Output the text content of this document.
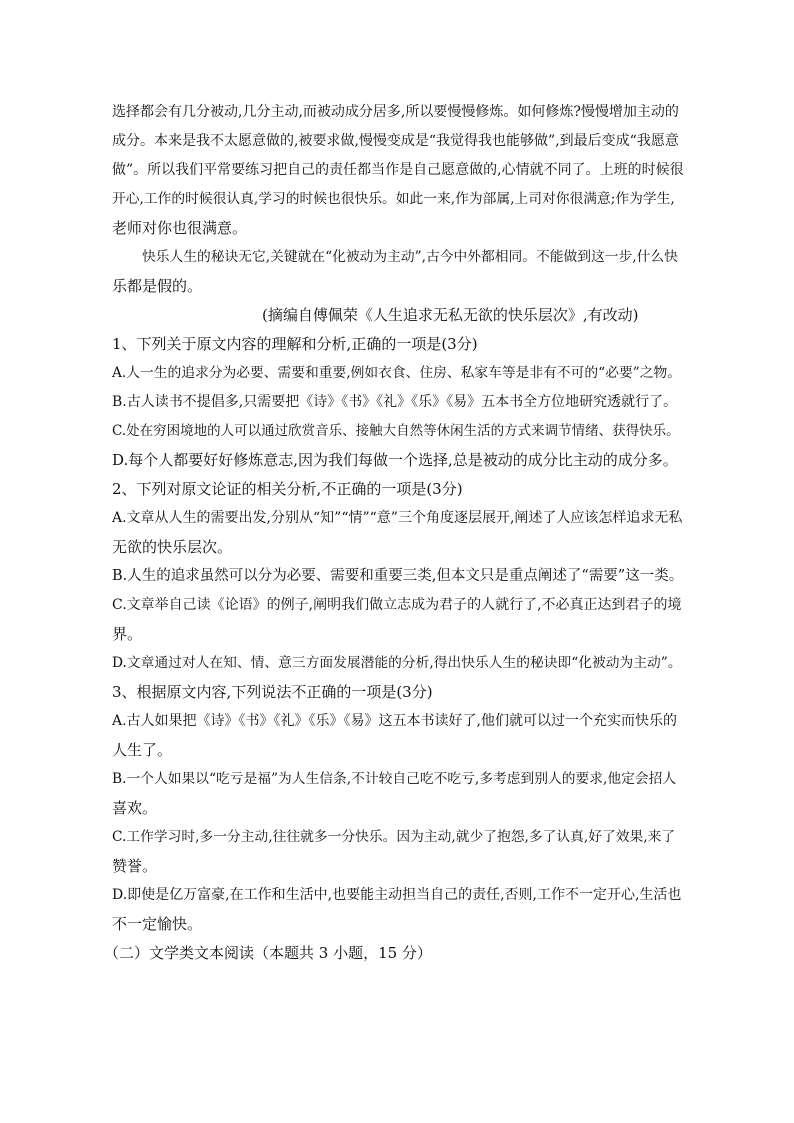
选择都会有几分被动,几分主动,而被动成分居多,所以要慢慢修炼。如何修炼?慢慢增加主动的
成分。本来是我不太愿意做的,被要求做,慢慢变成是“我觉得我也能够做”,到最后变成“我愿意
做”。所以我们平常要练习把自己的责任都当作是自己愿意做的,心情就不同了。上班的时候很
开心,工作的时候很认真,学习的时候也很快乐。如此一来,作为部属,上司对你很满意;作为学生,
老师对你也很满意。
快乐人生的秘诀无它,关键就在“化被动为主动”,古今中外都相同。不能做到这一步,什么快
乐都是假的。
(摘编自傅佩荣《人生追求无私无欲的快乐层次》,有改动)
1、下列关于原文内容的理解和分析,正确的一项是(3分)
A.人一生的追求分为必要、需要和重要,例如衣食、住房、私家车等是非有不可的“必要”之物。
B.古人读书不提倡多,只需要把《诗》《书》《礼》《乐》《易》五本书全方位地研究透就行了。
C.处在穷困境地的人可以通过欣赏音乐、接触大自然等休闲生活的方式来调节情绪、获得快乐。
D.每个人都要好好修炼意志,因为我们每做一个选择,总是被动的成分比主动的成分多。
2、下列对原文论证的相关分析,不正确的一项是(3分)
A.文章从人生的需要出发,分别从“知”“情”“意”三个角度逐层展开,阐述了人应该怎样追求无私
无欲的快乐层次。
B.人生的追求虽然可以分为必要、需要和重要三类,但本文只是重点阐述了“需要”这一类。
C.文章举自己读《论语》的例子,阐明我们做立志成为君子的人就行了,不必真正达到君子的境
界。
D.文章通过对人在知、情、意三方面发展潜能的分析,得出快乐人生的秘诀即“化被动为主动”。
3、根据原文内容,下列说法不正确的一项是(3分)
A.古人如果把《诗》《书》《礼》《乐》《易》这五本书读好了,他们就可以过一个充实而快乐的
人生了。
B.一个人如果以“吃亏是福”为人生信条,不计较自己吃不吃亏,多考虑到别人的要求,他定会招人
喜欢。
C.工作学习时,多一分主动,往往就多一分快乐。因为主动,就少了抱怨,多了认真,好了效果,来了
赞誉。
D.即使是亿万富豪,在工作和生活中,也要能主动担当自己的责任,否则,工作不一定开心,生活也
不一定愉快。
（二）文学类文本阅读（本题共 3 小题，15 分）
